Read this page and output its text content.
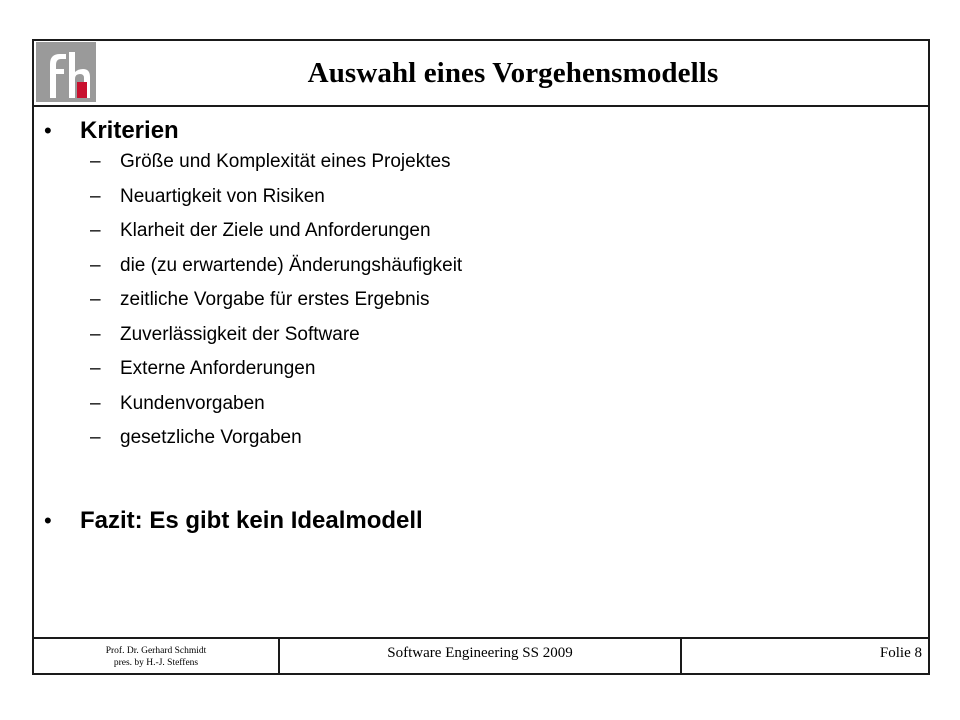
Auswahl eines Vorgehensmodells
•	Kriterien
–	Größe und Komplexität eines Projektes
–	Neuartigkeit von Risiken
–	Klarheit der Ziele und Anforderungen
–	die (zu erwartende) Änderungshäufigkeit
–	zeitliche Vorgabe für erstes Ergebnis
–	Zuverlässigkeit der Software
–	Externe Anforderungen
–	Kundenvorgaben
–	gesetzliche Vorgaben
•	Fazit: Es gibt kein Idealmodell
Prof. Dr. Gerhard Schmidt
pres. by H.-J. Steffens
Software Engineering SS 2009	Folie 8
